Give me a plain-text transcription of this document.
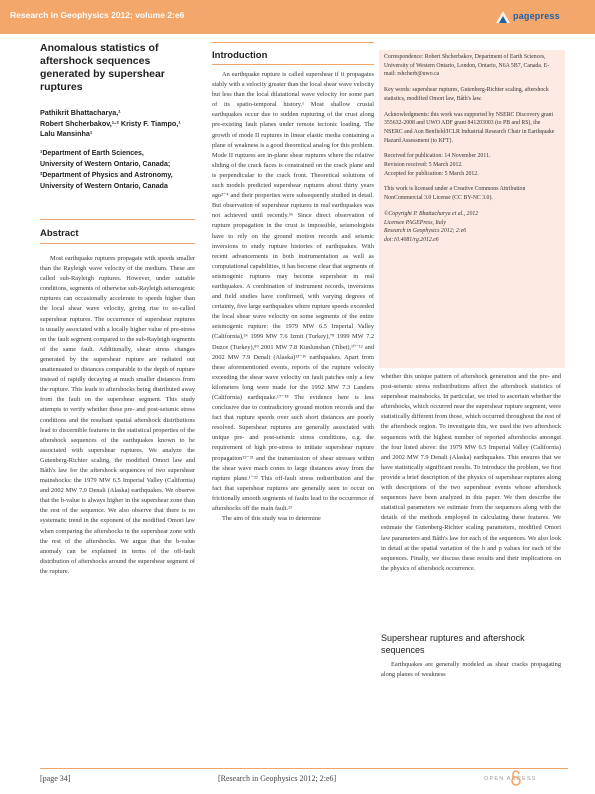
Research in Geophysics 2012; volume 2:e6	pagepress
Anomalous statistics of aftershock sequences generated by supershear ruptures
Pathikrit Bhattacharya,¹
Robert Shcherbakov,¹·² Kristy F. Tiampo,¹
Lalu Mansinha¹
¹Department of Earth Sciences,
University of Western Ontario, Canada;
²Department of Physics and Astronomy,
University of Western Ontario, Canada
Abstract
Most earthquake ruptures propagate with speeds smaller than the Rayleigh wave velocity of the medium. These are called sub-Rayleigh ruptures. However, under suitable conditions, segments of otherwise sub-Rayleigh seismogenic ruptures can occasionally accelerate to speeds higher than the local shear wave velocity, giving rise to so-called supershear ruptures. The occurrence of supershear ruptures is usually associated with a locally higher value of pre-stress on the fault segment compared to the sub-Rayleigh segments of the same fault. Additionally, shear stress changes generated by the supershear rupture are radiated out unattenuated to distances comparable to the depth of rupture instead of rapidly decaying at much smaller distances from the rupture. This leads to aftershocks being distributed away from the fault on the supershear segment. This study attempts to verify whether these pre- and post-seismic stress conditions and the resultant spatial aftershock distributions lead to discernible features in the statistical properties of the aftershock sequences of the earthquakes known to be associated with supershear ruptures. We analyze the Gutenberg-Richter scaling, the modified Omori law and Båth's law for the aftershock sequences of two supershear mainshocks: the 1979 MW 6.5 Imperial Valley (California) and 2002 MW 7.9 Denali (Alaska) earthquakes. We observe that the b-value is always higher in the supershear zone than the rest of the sequence. We also observe that there is no systematic trend in the exponent of the modified Omori law when comparing the aftershocks in the supershear zone with the rest of the aftershocks. We argue that the b-value anomaly can be explained in terms of the off-fault distribution of aftershocks around the supershear segment of the rupture.
Introduction

An earthquake rupture is called supershear if it propagates stably with a velocity greater than the local shear wave velocity but less than the local dilatational wave velocity for some part of its spatio-temporal history.¹ Most shallow crustal earthquakes occur due to sudden rupturing of the crust along pre-existing fault planes under remote tectonic loading. The growth of mode II ruptures in linear elastic media containing a plane of weakness is a good theoretical analog for this problem. Mode II ruptures are in-plane shear ruptures where the relative sliding of the crack faces is constrained on the crack plane and is perpendicular to the crack front. Theoretical solutions of such models predicted supershear ruptures about thirty years ago²⁻⁴ and their properties were subsequently studied in detail. But observation of supershear ruptures in real earthquakes was not achieved until recently.⁵⁶ Since direct observation of rupture propagation in the crust is impossible, seismologists have to rely on the ground motion records and seismic inversions to study rupture histories of earthquakes. With recent advancements in both instrumentation as well as computational capabilities, it has become clear that segments of seismogenic ruptures may become supershear in real earthquakes. A combination of instrument records, inversions and field studies have confirmed, with varying degrees of certainty, five large earthquakes where rupture speeds exceeded the local shear wave velocity on some segments of the entire seismogenic rupture: the 1979 MW 6.5 Imperial Valley (California),⁵⁶ 1999 MW 7.6 Izmit (Turkey),⁷⁸ 1999 MW 7.2 Duzce (Turkey),⁸⁹ 2001 MW 7.8 Kunlunshan (Tibet),¹⁰⁻¹² and 2002 MW 7.9 Denali (Alaska)¹³⁻¹⁶ earthquakes. Apart from these aforementioned events, reports of the rupture velocity exceeding the shear wave velocity on fault patches only a few kilometers long were made for the 1992 MW 7.3 Landers (California) earthquake.¹⁷⁻¹⁸ The evidence here is less conclusive due to contradictory ground motion records and the fact that rupture speeds over such short distances are poorly resolved. Supershear ruptures are generally associated with unique pre- and post-seismic stress conditions, e.g. the requirement of high pre-stress to initiate supershear rupture propagation¹⁹⁻²¹ and the transmission of shear stresses within the shear wave mach cones to large distances away from the rupture plane.¹⁻²² This off-fault stress redistribution and the fact that supershear ruptures are generally seen to occur on frictionally smooth segments of faults lead to the occurrence of aftershocks off the main fault.²³

The aim of this study was to determine

Correspondence: Robert Shcherbakov, Department of Earth Sciences, University of Western Ontario, London, Ontario, N6A 5B7, Canada. E-mail: rshcherb@uwo.ca

Key words: supershear ruptures, Gutenberg-Richter scaling, aftershock statistics, modified Omori law, Båth's law.

Acknowledgments: this work was supported by NSERC Discovery grant 355632-2008 and UWO ADF grant 841203003 (to PB and RS), the NSERC and Aon Benfield/ICLR Industrial Research Chair in Earthquake Hazard Assessment (to KFT).

Received for publication: 14 November 2011.
Revision received: 5 March 2012.

Accepted for publication: 5 March 2012.

This work is licensed under a Creative Commons Attribution NonCommercial 3.0 License (CC BY-NC 3.0).

©Copyright P. Bhattacharya et al., 2012
Licensee PAGEPress, Italy
Research in Geophysics 2012; 2:e6
doi:10.4081/rg.2012.e6
whether this unique pattern of aftershock generation and the pre- and post-seismic stress redistributions affect the aftershock statistics of supershear mainshocks. In particular, we tried to ascertain whether the aftershocks, which occurred near the supershear rupture segment, were statistically different from those, which occurred throughout the rest of the aftershock region. To investigate this, we used the two aftershock sequences with the highest number of reported aftershocks amongst the four listed above: the 1979 MW 6.5 Imperial Valley (California) and 2002 MW 7.9 Denali (Alaska) earthquakes. This ensures that we have statistically significant results. To introduce the problem, we first provide a brief description of the physics of supershear ruptures along with descriptions of the two supershear events whose aftershock sequences have been analyzed in this paper. We then describe the statistical parameters we estimate from the sequences along with the details of the methods employed in calculating these features. We estimate the Gutenberg-Richter scaling parameters, modified Omori law parameters and Båth's law for each of the sequences. We also look in detail at the spatial variation of the b and p values for each of the sequences. Finally, we discuss these results and their implications on the physics of aftershock occurrence.
Supershear ruptures and aftershock sequences
Earthquakes are generally modeled as shear cracks propagating along planes of weakness
[page 34]	[Research in Geophysics 2012; 2:e6]	OPEN ACCESS
